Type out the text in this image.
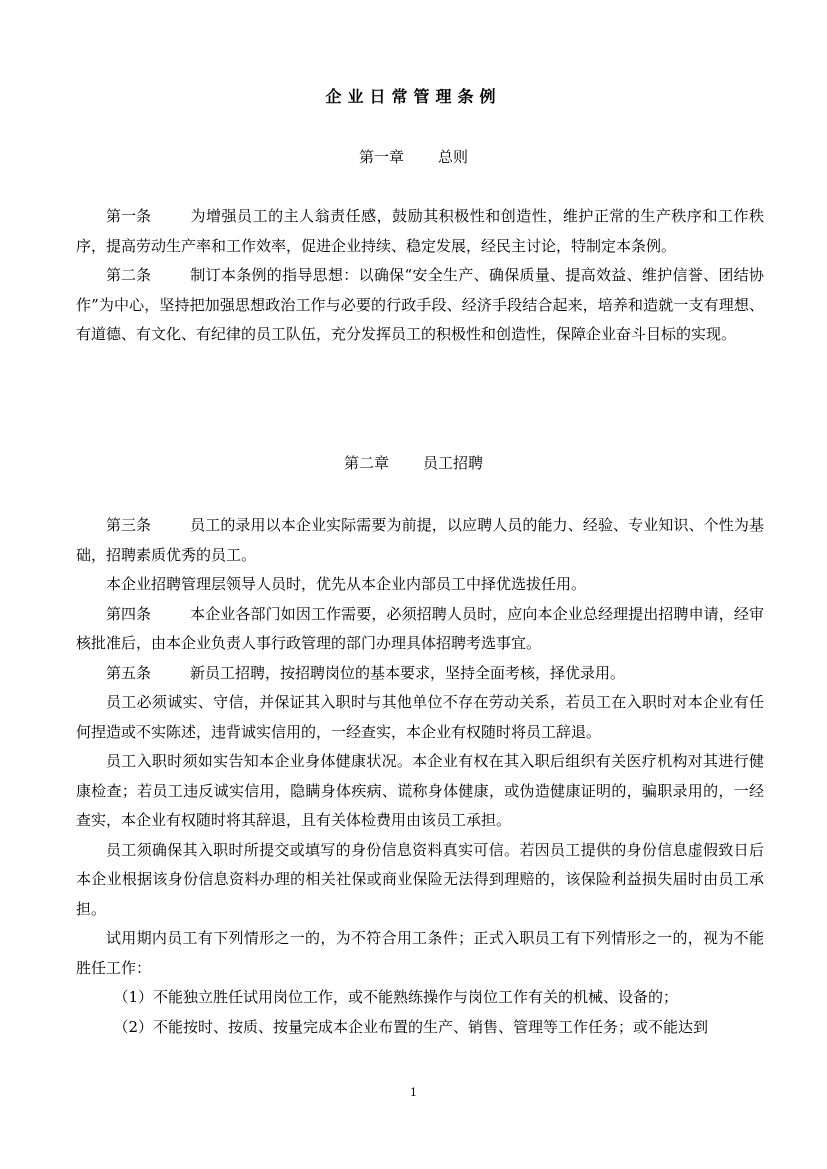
企业日常管理条例
第一章 总则

第一条	为增强员工的主人翁责任感，鼓励其积极性和创造性，维护正常的生产秩序和工作秩序，提高劳动生产率和工作效率，促进企业持续、稳定发展，经民主讨论，特制定本条例。

第二条	制订本条例的指导思想：以确保“安全生产、确保质量、提高效益、维护信誉、团结协作”为中心，坚持把加强思想政治工作与必要的行政手段、经济手段结合起来，培养和造就一支有理想、有道德、有文化、有纪律的员工队伍，充分发挥员工的积极性和创造性，保障企业奋斗目标的实现。

第二章 员工招聘

第三条	员工的录用以本企业实际需要为前提，以应聘人员的能力、经验、专业知识、个性为基础，招聘素质优秀的员工。

本企业招聘管理层领导人员时，优先从本企业内部员工中择优选拔任用。

第四条	本企业各部门如因工作需要，必须招聘人员时，应向本企业总经理提出招聘申请，经审核批准后，由本企业负责人事行政管理的部门办理具体招聘考选事宜。

第五条	新员工招聘，按招聘岗位的基本要求，坚持全面考核，择优录用。

员工必须诚实、守信，并保证其入职时与其他单位不存在劳动关系，若员工在入职时对本企业有任何捏造或不实陈述，违背诚实信用的，一经查实，本企业有权随时将员工辞退。

员工入职时须如实告知本企业身体健康状况。本企业有权在其入职后组织有关医疗机构对其进行健康检查；若员工违反诚实信用，隐瞒身体疾病、谎称身体健康，或伪造健康证明的，骗职录用的，一经查实，本企业有权随时将其辞退，且有关体检费用由该员工承担。

员工须确保其入职时所提交或填写的身份信息资料真实可信。若因员工提供的身份信息虚假致日后本企业根据该身份信息资料办理的相关社保或商业保险无法得到理赔的，该保险利益损失届时由员工承担。

试用期内员工有下列情形之一的，为不符合用工条件；正式入职员工有下列情形之一的，视为不能胜任工作：

（1）不能独立胜任试用岗位工作，或不能熟练操作与岗位工作有关的机械、设备的；

（2）不能按时、按质、按量完成本企业布置的生产、销售、管理等工作任务；或不能达到

1
